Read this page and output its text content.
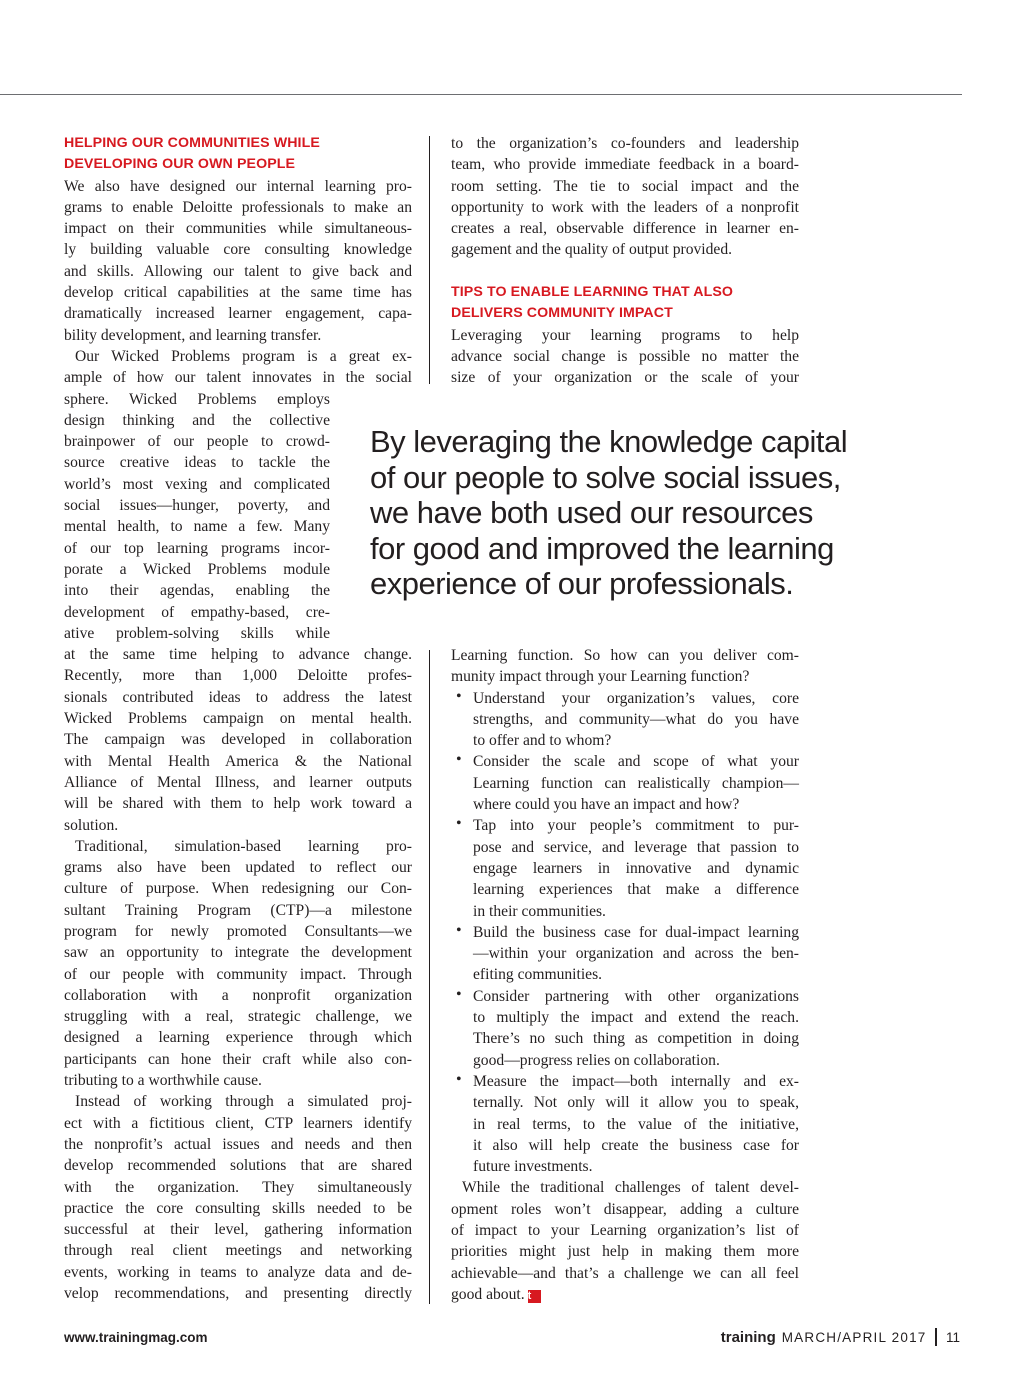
HELPING OUR COMMUNITIES WHILE
DEVELOPING OUR OWN PEOPLE
We also have designed our internal learning pro-
grams to enable Deloitte professionals to make an
impact on their communities while simultaneous-
ly building valuable core consulting knowledge
and skills. Allowing our talent to give back and
develop critical capabilities at the same time has
dramatically increased learner engagement, capa-
bility development, and learning transfer.
Our Wicked Problems program is a great ex-
ample of how our talent innovates in the social
sphere. Wicked Problems employs
design thinking and the collective
brainpower of our people to crowd-
source creative ideas to tackle the
world’s most vexing and complicated
social issues—hunger, poverty, and
mental health, to name a few. Many
of our top learning programs incor-
porate a Wicked Problems module
into their agendas, enabling the
development of empathy-based, cre-
ative problem-solving skills while
at the same time helping to advance change.
Recently, more than 1,000 Deloitte profes-
sionals contributed ideas to address the latest
Wicked Problems campaign on mental health.
The campaign was developed in collaboration
with Mental Health America & the National
Alliance of Mental Illness, and learner outputs
will be shared with them to help work toward a
solution.
Traditional, simulation-based learning pro-
grams also have been updated to reflect our
culture of purpose. When redesigning our Con-
sultant Training Program (CTP)—a milestone
program for newly promoted Consultants—we
saw an opportunity to integrate the development
of our people with community impact. Through
collaboration with a nonprofit organization
struggling with a real, strategic challenge, we
designed a learning experience through which
participants can hone their craft while also con-
tributing to a worthwhile cause.
Instead of working through a simulated proj-
ect with a fictitious client, CTP learners identify
the nonprofit’s actual issues and needs and then
develop recommended solutions that are shared
with the organization. They simultaneously
practice the core consulting skills needed to be
successful at their level, gathering information
through real client meetings and networking
events, working in teams to analyze data and de-
velop recommendations, and presenting directly
to the organization’s co-founders and leadership
team, who provide immediate feedback in a board-
room setting. The tie to social impact and the
opportunity to work with the leaders of a nonprofit
creates a real, observable difference in learner en-
gagement and the quality of output provided.
TIPS TO ENABLE LEARNING THAT ALSO
DELIVERS COMMUNITY IMPACT
Leveraging your learning programs to help
advance social change is possible no matter the
size of your organization or the scale of your
By leveraging the knowledge capital
of our people to solve social issues,
we have both used our resources
for good and improved the learning
experience of our professionals.
Learning function. So how can you deliver com-
munity impact through your Learning function?
• Understand your organization’s values, core
strengths, and community—what do you have
to offer and to whom?
• Consider the scale and scope of what your
Learning function can realistically champion—
where could you have an impact and how?
• Tap into your people’s commitment to pur-
pose and service, and leverage that passion to
engage learners in innovative and dynamic
learning experiences that make a difference
in their communities.
• Build the business case for dual-impact learning
—within your organization and across the ben-
efiting communities.
• Consider partnering with other organizations
to multiply the impact and extend the reach.
There’s no such thing as competition in doing
good—progress relies on collaboration.
• Measure the impact—both internally and ex-
ternally. Not only will it allow you to speak,
in real terms, to the value of the initiative,
it also will help create the business case for
future investments.
While the traditional challenges of talent devel-
opment roles won’t disappear, adding a culture
of impact to your Learning organization’s list of
priorities might just help in making them more
achievable—and that’s a challenge we can all feel
good about. t
www.trainingmag.com	training MARCH/APRIL 2017 11
